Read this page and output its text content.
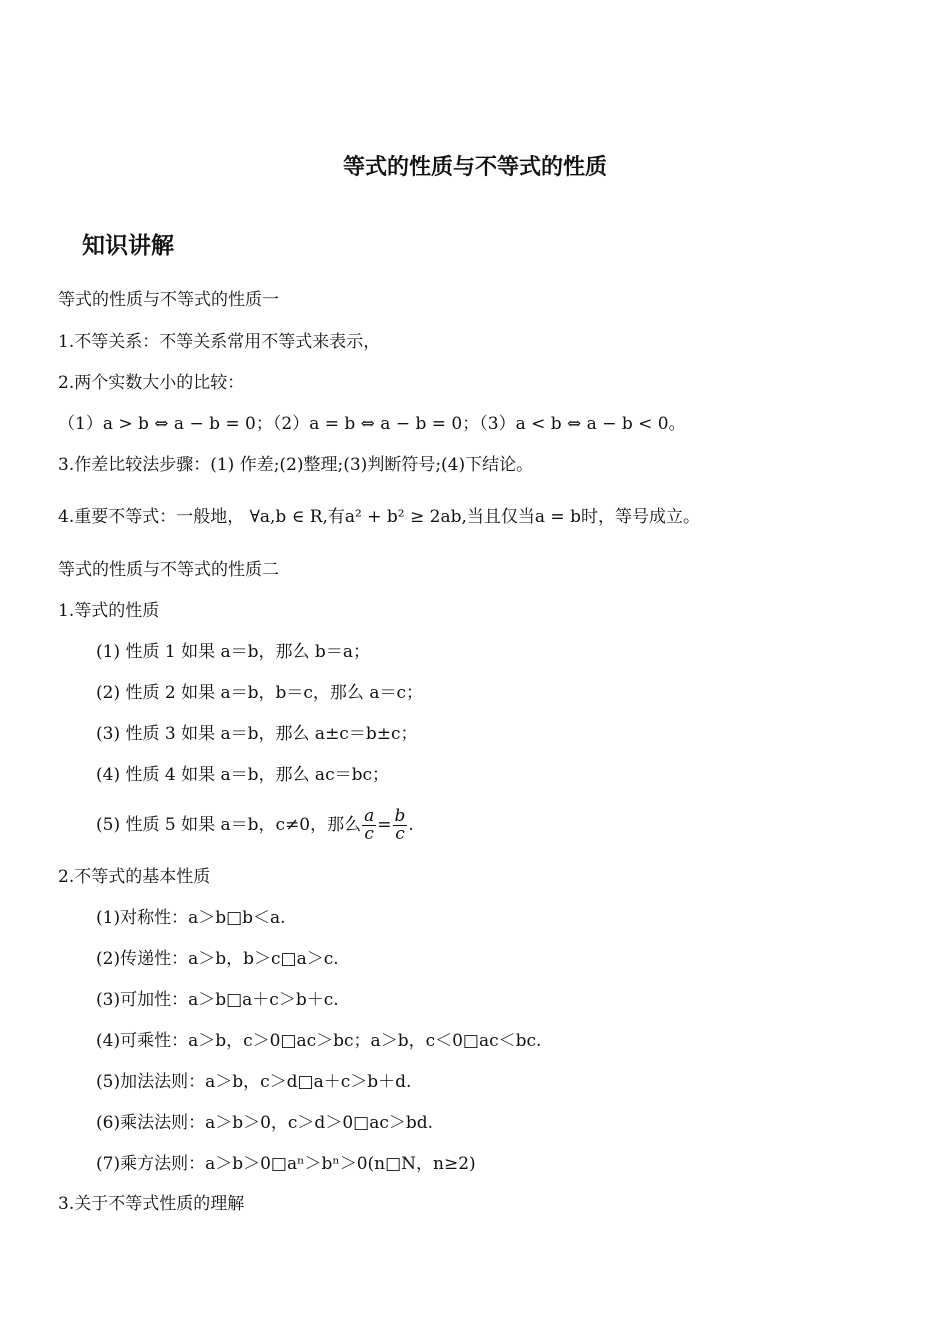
等式的性质与不等式的性质
知识讲解
等式的性质与不等式的性质一
1.不等关系：不等关系常用不等式来表示，
2.两个实数大小的比较：
（1）a > b ⇔ a − b = 0；（2）a = b ⇔ a − b = 0；（3）a < b ⇔ a − b < 0。
3.作差比较法步骤：(1) 作差;(2)整理;(3)判断符号;(4)下结论。
4.重要不等式：一般地， ∀a,b ∈ R,有a² + b² ≥ 2ab,当且仅当a = b时，等号成立。
等式的性质与不等式的性质二
1.等式的性质
(1) 性质 1 如果 a＝b，那么 b＝a；
(2) 性质 2 如果 a＝b，b＝c，那么 a＝c；
(3) 性质 3 如果 a＝b，那么 a±c＝b±c；
(4) 性质 4 如果 a＝b，那么 ac＝bc；
(5) 性质 5 如果 a＝b，c≠0，那么 $\frac{a}{c} = \frac{b}{c}$ .
2.不等式的基本性质
(1)对称性：a＞b□b＜a.
(2)传递性：a＞b，b＞c□a＞c.
(3)可加性：a＞b□a＋c＞b＋c.
(4)可乘性：a＞b，c＞0□ac＞bc；a＞b，c＜0□ac＜bc.
(5)加法法则：a＞b，c＞d□a＋c＞b＋d.
(6)乘法法则：a＞b＞0，c＞d＞0□ac＞bd.
(7)乘方法则：a＞b＞0□aⁿ＞bⁿ＞0(n□N，n≥2)
3.关于不等式性质的理解
